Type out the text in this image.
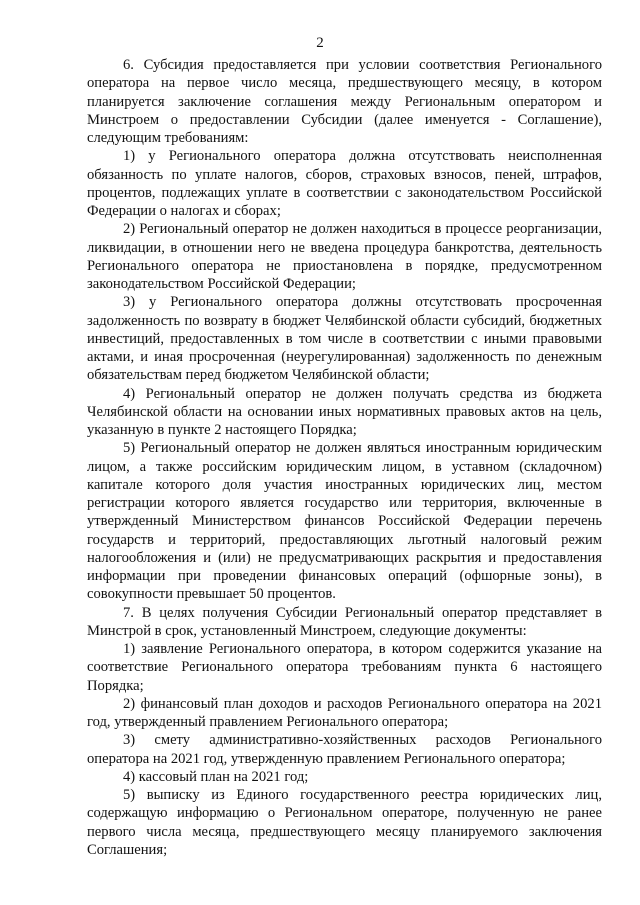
2

6. Субсидия предоставляется при условии соответствия Регионального оператора на первое число месяца, предшествующего месяцу, в котором планируется заключение соглашения между Региональным оператором и Минстроем о предоставлении Субсидии (далее именуется - Соглашение), следующим требованиям:

1) у Регионального оператора должна отсутствовать неисполненная обязанность по уплате налогов, сборов, страховых взносов, пеней, штрафов, процентов, подлежащих уплате в соответствии с законодательством Российской Федерации о налогах и сборах;

2) Региональный оператор не должен находиться в процессе реорганизации, ликвидации, в отношении него не введена процедура банкротства, деятельность Регионального оператора не приостановлена в порядке, предусмотренном законодательством Российской Федерации;

3) у Регионального оператора должны отсутствовать просроченная задолженность по возврату в бюджет Челябинской области субсидий, бюджетных инвестиций, предоставленных в том числе в соответствии с иными правовыми актами, и иная просроченная (неурегулированная) задолженность по денежным обязательствам перед бюджетом Челябинской области;

4) Региональный оператор не должен получать средства из бюджета Челябинской области на основании иных нормативных правовых актов на цель, указанную в пункте 2 настоящего Порядка;

5) Региональный оператор не должен являться иностранным юридическим лицом, а также российским юридическим лицом, в уставном (складочном) капитале которого доля участия иностранных юридических лиц, местом регистрации которого является государство или территория, включенные в утвержденный Министерством финансов Российской Федерации перечень государств и территорий, предоставляющих льготный налоговый режим налогообложения и (или) не предусматривающих раскрытия и предоставления информации при проведении финансовых операций (офшорные зоны), в совокупности превышает 50 процентов.

7. В целях получения Субсидии Региональный оператор представляет в Минстрой в срок, установленный Минстроем, следующие документы:

1) заявление Регионального оператора, в котором содержится указание на соответствие Регионального оператора требованиям пункта 6 настоящего Порядка;

2) финансовый план доходов и расходов Регионального оператора на 2021 год, утвержденный правлением Регионального оператора;

3) смету административно-хозяйственных расходов Регионального оператора на 2021 год, утвержденную правлением Регионального оператора;

4) кассовый план на 2021 год;

5) выписку из Единого государственного реестра юридических лиц, содержащую информацию о Региональном операторе, полученную не ранее первого числа месяца, предшествующего месяцу планируемого заключения Соглашения;
